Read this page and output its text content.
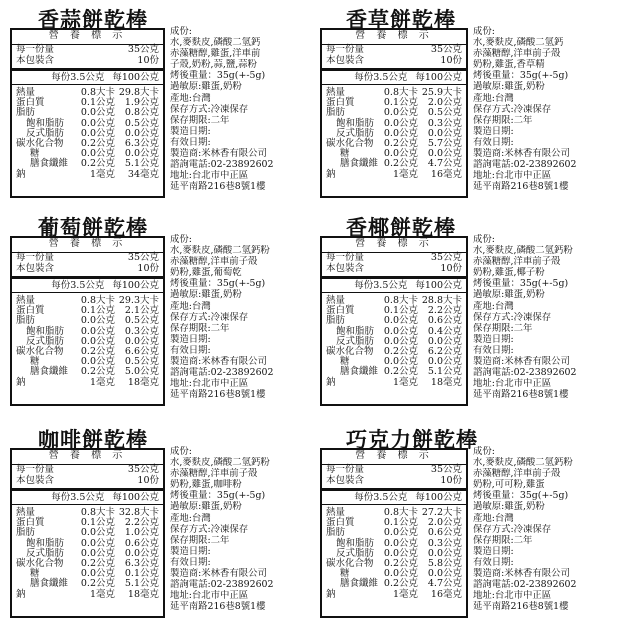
香蒜餅乾棒
營 養 標 示
每一份量	35公克
本包裝含	10份
每份3.5公克 每100公克
熱量	0.8大卡 29.8大卡
蛋白質	0.1公克	1.9公克
脂肪	0.0公克	0.8公克
飽和脂肪	0.0公克	0.5公克
反式脂肪	0.0公克	0.0公克
碳水化合物	0.2公克	6.3公克
糖	0.0公克	0.0公克
膳食纖維	0.2公克	5.1公克
鈉	1毫克	34毫克
成份:
水,麥麩皮,磷酸二氫鈣
赤藻糖醇,雞蛋,洋車前
子殼,奶粉,蒜,鹽,蒜粉
烤後重量：35g(+-5g)
過敏原:雞蛋,奶粉
產地:台灣
保存方式:冷凍保存
保存期限:二年
製造日期:
有效日期:
製造商:米林香有限公司
諮詢電話:02-23892602
地址:台北市中正區
延平南路216巷8號1樓
香草餅乾棒
營 養 標 示
每一份量	35公克
本包裝含	10份
每份3.5公克 每100公克
熱量	0.8大卡 25.9大卡
蛋白質	0.1公克	2.0公克
脂肪	0.0公克	0.5公克
飽和脂肪	0.0公克	0.3公克
反式脂肪	0.0公克	0.0公克
碳水化合物	0.2公克	5.7公克
糖	0.0公克	0.0公克
膳食纖維 0.2公克	4.7公克
鈉	1毫克	16毫克
成份:
水,麥麩皮,磷酸二氫鈣
赤藻糖醇,洋車前子殼
奶粉,雞蛋,香草精
烤後重量：35g(+-5g)
過敏原:雞蛋,奶粉
產地:台灣
保存方式:冷凍保存
保存期限:二年
製造日期:
有效日期:
製造商:米林香有限公司
諮詢電話:02-23892602
地址:台北市中正區
延平南路216巷8號1樓
葡萄餅乾棒
營 養 標 示
每一份量	35公克
本包裝含	10份
每份3.5公克 每100公克
熱量	0.8大卡 29.3大卡
蛋白質	0.1公克	2.1公克
脂肪	0.0公克	0.5公克
飽和脂肪	0.0公克	0.3公克
反式脂肪	0.0公克	0.0公克
碳水化合物	0.2公克	6.6公克
糖	0.0公克	0.5公克
膳食纖維	0.2公克	5.0公克
鈉	1毫克	18毫克
成份:
水,麥麩皮,磷酸二氫鈣粉
赤藻糖醇,洋車前子殼
奶粉,雞蛋,葡萄乾
烤後重量：35g(+-5g)
過敏原:雞蛋,奶粉
產地:台灣
保存方式:冷凍保存
保存期限:二年
製造日期:
有效日期:
製造商:米林香有限公司
諮詢電話:02-23892602
地址:台北市中正區
延平南路216巷8號1樓
香椰餅乾棒
營 養 標 示
每一份量	35公克
本包裝含	10份
每份3.5公克 每100公克
熱量	0.8大卡 28.8大卡
蛋白質	0.1公克	2.2公克
脂肪	0.0公克	0.6公克
飽和脂肪	0.0公克	0.4公克
反式脂肪	0.0公克	0.0公克
碳水化合物	0.2公克	6.2公克
糖	0.0公克	0.0公克
膳食纖維 0.2公克	5.1公克
鈉	1毫克	18毫克
成份:
水,麥麩皮,磷酸二氫鈣粉
赤藻糖醇,洋車前子殼
奶粉,雞蛋,椰子粉
烤後重量：35g(+-5g)
過敏原:雞蛋,奶粉
產地:台灣
保存方式:冷凍保存
保存期限:二年
製造日期:
有效日期:
製造商:米林香有限公司
諮詢電話:02-23892602
地址:台北市中正區
延平南路216巷8號1樓
咖啡餅乾棒
營 養 標 示
每一份量	35公克
本包裝含	10份
每份3.5公克 每100公克
熱量	0.8大卡 32.8大卡
蛋白質	0.1公克	2.2公克
脂肪	0.0公克	1.0公克
飽和脂肪	0.0公克	0.6公克
反式脂肪	0.0公克	0.0公克
碳水化合物	0.2公克	6.3公克
糖	0.0公克	0.1公克
膳食纖維	0.2公克	5.1公克
鈉	1毫克	18毫克
成份:
水,麥麩皮,磷酸二氫鈣粉
赤藻糖醇,洋車前子殼
奶粉,雞蛋,咖啡粉
烤後重量：35g(+-5g)
過敏原:雞蛋,奶粉
產地:台灣
保存方式:冷凍保存
保存期限:二年
製造日期:
有效日期:
製造商:米林香有限公司
諮詢電話:02-23892602
地址:台北市中正區
延平南路216巷8號1樓
巧克力餅乾棒
營 養 標 示
每一份量	35公克
本包裝含	10份
每份3.5公克 每100公克
熱量	0.8大卡 27.2大卡
蛋白質	0.1公克	2.0公克
脂肪	0.0公克	0.6公克
飽和脂肪	0.0公克	0.3公克
反式脂肪	0.0公克	0.0公克
碳水化合物	0.2公克	5.8公克
糖	0.0公克	0.0公克
膳食纖維 0.2公克	4.7公克
鈉	1毫克	16毫克
成份:
水,麥麩皮,磷酸二氫鈣粉
赤藻糖醇,洋車前子殼
奶粉,可可粉,雞蛋
烤後重量：35g(+-5g)
過敏原:雞蛋,奶粉
產地:台灣
保存方式:冷凍保存
保存期限:二年
製造日期:
有效日期:
製造商:米林香有限公司
諮詢電話:02-23892602
地址:台北市中正區
延平南路216巷8號1樓
